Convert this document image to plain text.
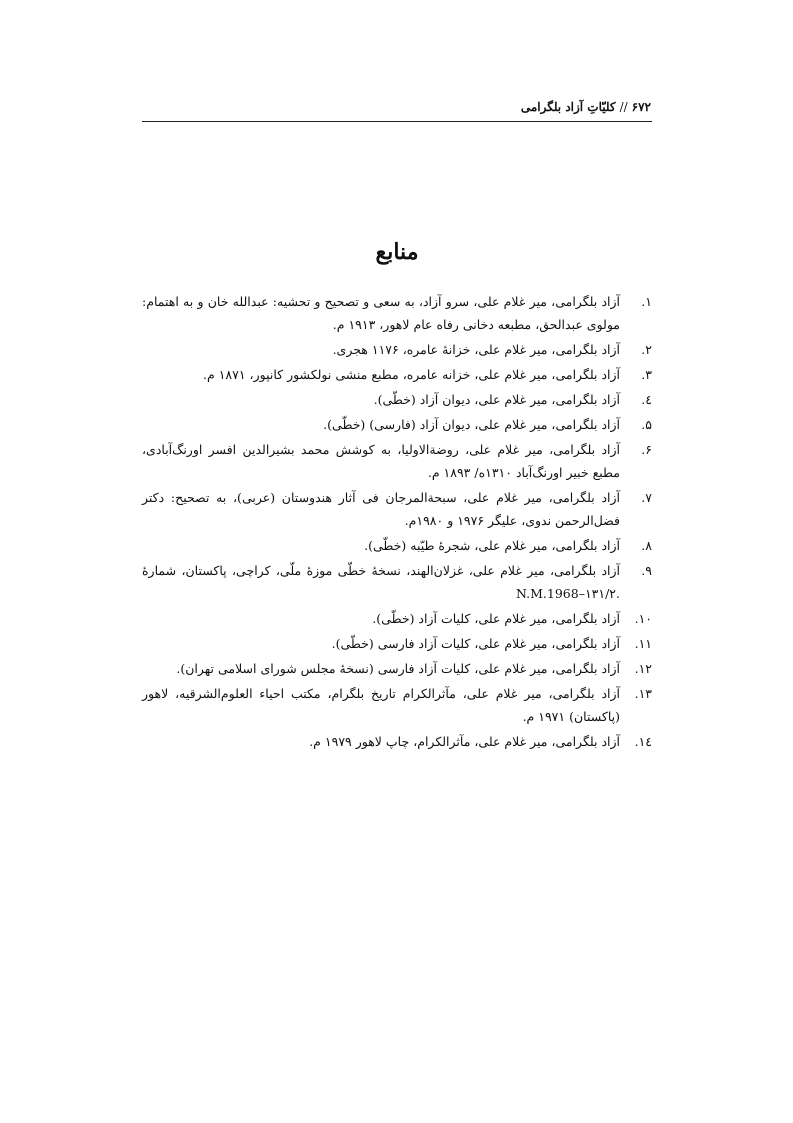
۶۷۲//کلیّاتِ آزاد بلگرامی
منابع
۱.
آزاد بلگرامی، میر غلام علی، سرو آزاد، به سعی و تصحیح و تحشیه: عبدالله خان و به اهتمام: مولوی عبدالحق، مطبعه دخانی رفاه عام لاهور، ۱۹۱۳ م.
۲.
آزاد بلگرامی، میر غلام علی، خزانهٔ عامره، ۱۱۷۶ هجری.
۳.
آزاد بلگرامی، میر غلام علی، خزانه عامره، مطبع منشی نولکشور کانپور، ۱۸۷۱ م.
٤.
آزاد بلگرامی، میر غلام علی، دیوان آزاد (خطّی).
۵.
آزاد بلگرامی، میر غلام علی، دیوان آزاد (فارسی) (خطّی).
۶.
آزاد بلگرامی، میر غلام علی، روضةالاولیا، به کوشش محمد بشیرالدین افسر اورنگ‌آبادی، مطبع خبیر اورنگ‌آباد ۱۳۱۰ه/ ۱۸۹۳ م.
۷.
آزاد بلگرامی، میر غلام علی، سبحةالمرجان فی آثار هندوستان (عربی)، به تصحیح: دکتر فضل‌الرحمن ندوی، علیگر ۱۹۷۶ و ۱۹۸۰م.
۸.
آزاد بلگرامی، میر غلام علی، شجرهٔ طیّبه (خطّی).
۹.
آزاد بلگرامی، میر غلام علی، غزلان‌الهند، نسخهٔ خطّی موزهٔ ملّی، کراچی، پاکستان، شمارهٔ N.M.1968–۱۳۱/۲.
۱۰.
آزاد بلگرامی، میر غلام علی، کلیات آزاد (خطّی).
۱۱.
آزاد بلگرامی، میر غلام علی، کلیات آزاد فارسی (خطّی).
۱۲.
آزاد بلگرامی، میر غلام علی، کلیات آزاد فارسی (نسخهٔ مجلس شورای اسلامی تهران).
۱۳.
آزاد بلگرامی، میر غلام علی، مآثرالکرام تاریخ بلگرام، مکتب احیاء العلوم‌الشرقیه، لاهور (پاکستان) ۱۹۷۱ م.
۱٤.
آزاد بلگرامی، میر غلام علی، مآثرالکرام، چاپ لاهور ۱۹۷۹ م.
